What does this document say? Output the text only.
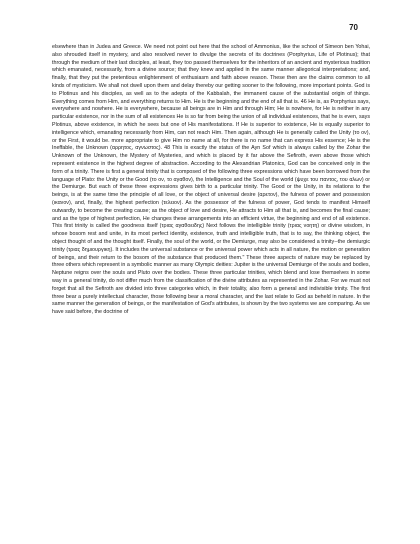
70

elsewhere than in Judea and Greece. We need not point out here that the school of Ammonius, like the school of Simeon ben Yohai, also shrouded itself in mystery, and also resolved never to divulge the secrets of its doctrines (Porphyrius, Life of Plotinus); that through the medium of their last disciples, at least, they too passed themselves for the inheritors of an ancient and mysterious tradition which emanated, necessarily, from a divine source; that they knew and applied in the same manner allegorical interpretations; and, finally, that they put the pretentious enlightenment of enthusiasm and faith above reason. These then are the claims common to all kinds of mysticism. We shall not dwell upon them and delay thereby our getting sooner to the following, more important points. God is to Plotinus and his disciples, as well as to the adepts of the Kabbalah, the immanent cause of the substantial origin of things. Everything comes from Him, and everything returns to Him. He is the beginning and the end of all that is. 46 He is, as Porphyrius says, everywhere and nowhere. He is everywhere, because all beings are in Him and through Him; He is nowhere, for He is neither in any particular existence, nor in the sum of all existences He is so far from being the union of all individual existences, that he is even, says Plotinus, above existence, in which he sees but one of His manifestations. If He is superior to existence, He is equally superior to intelligence which, emanating necessarily from Him, can not reach Him. Then again, although He is generally called the Unity (το ον), or the First, it would be. more appropriate to give Him no name at all, for there is no name that can express His essence; He is the Ineffable, the Unknown (αρρητος, αγνωστος). 48 This is exactly the status of the Ayn Sof which is always called by the Zohar the Unknown of the Unknown, the Mystery of Mysteries, and which is placed by it far above the Sefiroth, even above those which represent existence in the highest degree of abstraction. According to the Alexandrian Platonics, God can be conceived only in the form of a trinity. There is first a general trinity that is composed of the following three expressions which have been borrowed from the language of Plato: the Unity or the Good (το ον, το αγαθον), the Intelligence and the Soul of the world (ψυχε του παντος, του αλων) or the Demiurge. But each of these three expressions gives birth to a particular trinity. The Good or the Unity, in its relations to the beings, is at the same time the principle of all love, or the object of universal desire (αρετον), the fulness of power and possession (ικανον), and, finally, the highest perfection (τελειον). As the possessor of the fulness of power, God tends to manifest Himself outwardly, to become the creating cause; as the object of love and desire, He attracts to Him all that is, and becomes the final cause; and as the type of highest perfection, He changes these arrangements into an efficient virtue, the beginning and end of all existence. This first trinity is called the goodness itself (τριας αγαθοειδης) Next follows the intelligible trinity (τριας νοητη) or divine wisdom, in whose bosom rest and unite, in its most perfect identity, existence, truth and intelligible truth, that is to say, the thinking object, the object thought of and the thought itself. Finally, the soul of the world, or the Demiurge, may also be considered a trinity--the demiurgic trinity (τριας δημιουργικη). It includes the universal substance or the universal power which acts in all nature, the motion or generation of beings, and their return to the bosom of the substance that produced them." These three aspects of nature may be replaced by three others which represent in a symbolic manner as many Olympic deities: Jupiter is the universal Demiurge of the souls and bodies, Neptune reigns over the souls and Pluto over the bodies. These three particular trinities, which blend and lose themselves in some way in a general trinity, do not differ much from the classification of the divine attributes as represented in the Zohar. For we must not forget that all the Sefiroth are divided into three categories which, in their totality, also form a general and indivisible trinity. The first three bear a purely intellectual character, those following bear a moral character, and the last relate to God as beheld in nature. In the same manner the generation of beings, or the manifestation of God's attributes, is shown by the two systems we are comparing. As we have said before, the doctrine of
